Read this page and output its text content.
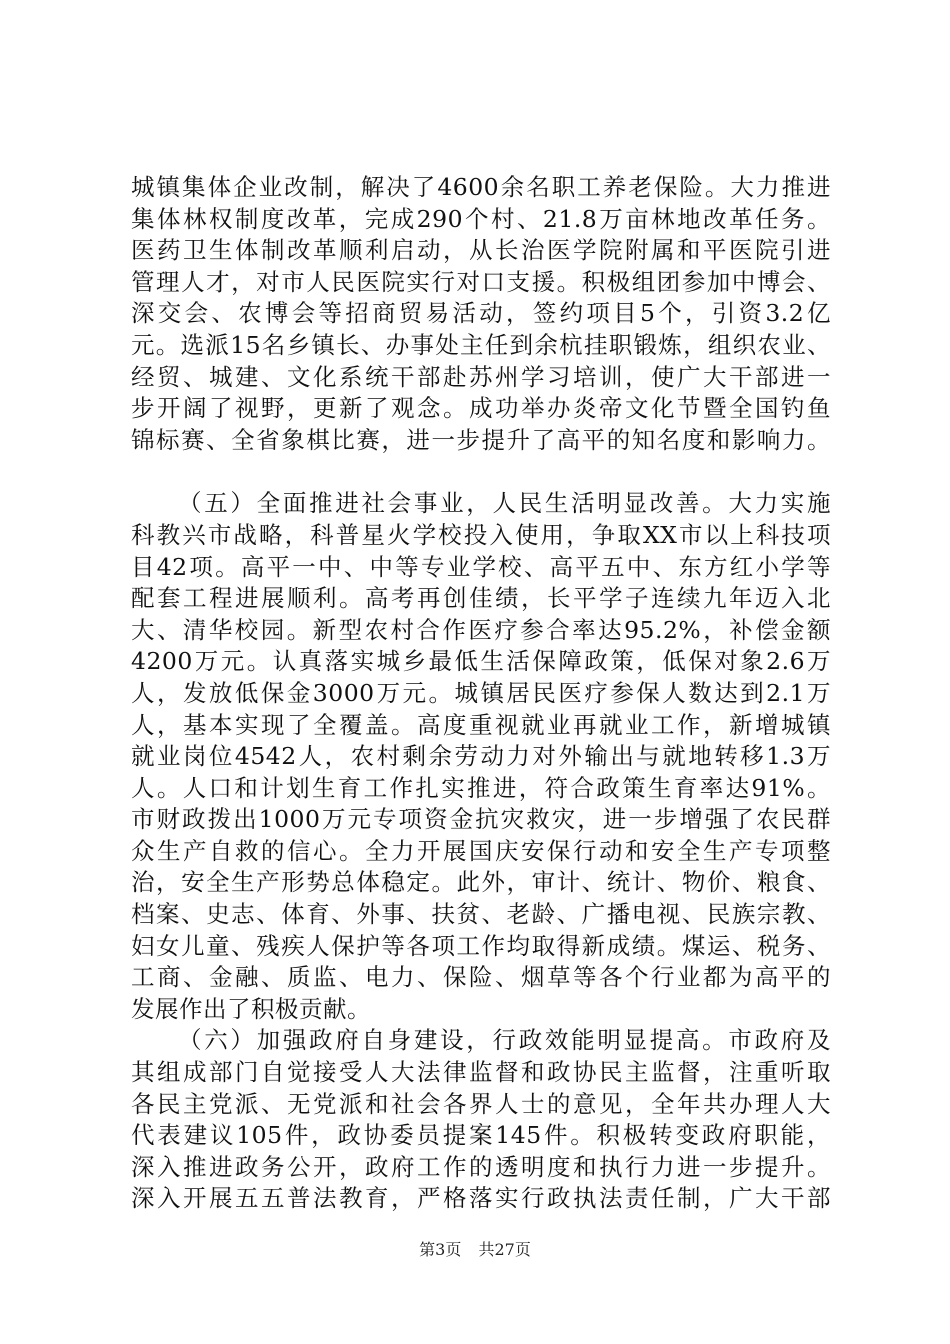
城镇集体企业改制，解决了4600余名职工养老保险。大力推进
集体林权制度改革，完成290个村、21.8万亩林地改革任务。
医药卫生体制改革顺利启动，从长治医学院附属和平医院引进
管理人才，对市人民医院实行对口支援。积极组团参加中博会、
深交会、农博会等招商贸易活动，签约项目5个，引资3.2亿
元。选派15名乡镇长、办事处主任到余杭挂职锻炼，组织农业、
经贸、城建、文化系统干部赴苏州学习培训，使广大干部进一
步开阔了视野，更新了观念。成功举办炎帝文化节暨全国钓鱼
锦标赛、全省象棋比赛，进一步提升了高平的知名度和影响力。
（五）全面推进社会事业，人民生活明显改善。大力实施
科教兴市战略，科普星火学校投入使用，争取XX市以上科技项
目42项。高平一中、中等专业学校、高平五中、东方红小学等
配套工程进展顺利。高考再创佳绩，长平学子连续九年迈入北
大、清华校园。新型农村合作医疗参合率达95.2%，补偿金额
4200万元。认真落实城乡最低生活保障政策，低保对象2.6万
人，发放低保金3000万元。城镇居民医疗参保人数达到2.1万
人，基本实现了全覆盖。高度重视就业再就业工作，新增城镇
就业岗位4542人，农村剩余劳动力对外输出与就地转移1.3万
人。人口和计划生育工作扎实推进，符合政策生育率达91%。
市财政拨出1000万元专项资金抗灾救灾，进一步增强了农民群
众生产自救的信心。全力开展国庆安保行动和安全生产专项整
治，安全生产形势总体稳定。此外，审计、统计、物价、粮食、
档案、史志、体育、外事、扶贫、老龄、广播电视、民族宗教、
妇女儿童、残疾人保护等各项工作均取得新成绩。煤运、税务、
工商、金融、质监、电力、保险、烟草等各个行业都为高平的
发展作出了积极贡献。
（六）加强政府自身建设，行政效能明显提高。市政府及
其组成部门自觉接受人大法律监督和政协民主监督，注重听取
各民主党派、无党派和社会各界人士的意见，全年共办理人大
代表建议105件，政协委员提案145件。积极转变政府职能，
深入推进政务公开，政府工作的透明度和执行力进一步提升。
深入开展五五普法教育，严格落实行政执法责任制，广大干部
第3页 共27页
